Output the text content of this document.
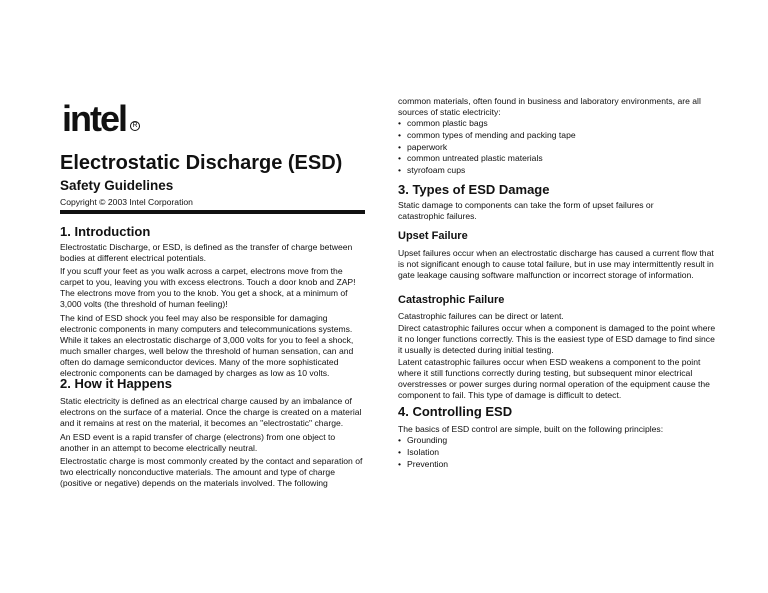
intel R
Electrostatic Discharge (ESD)
Safety Guidelines
Copyright © 2003 Intel Corporation
1. Introduction

Electrostatic Discharge, or ESD, is defined as the transfer of charge between bodies at different electrical potentials.

If you scuff your feet as you walk across a carpet, electrons move from the carpet to you, leaving you with excess electrons. Touch a door knob and ZAP! The electrons move from you to the knob. You get a shock, at a minimum of 3,000 volts (the threshold of human feeling)!

The kind of ESD shock you feel may also be responsible for damaging electronic components in many computers and telecommunications systems. While it takes an electrostatic discharge of 3,000 volts for you to feel a shock, much smaller charges, well below the threshold of human sensation, can and often do damage semiconductor devices. Many of the more sophisticated electronic components can be damaged by charges as low as 10 volts.

2. How it Happens

Static electricity is defined as an electrical charge caused by an imbalance of electrons on the surface of a material. Once the charge is created on a material and it remains at rest on the material, it becomes an "electrostatic" charge.

An ESD event is a rapid transfer of charge (electrons) from one object to another in an attempt to become electrically neutral.

Electrostatic charge is most commonly created by the contact and separation of two electrically nonconductive materials. The amount and type of charge (positive or negative) depends on the materials involved. The following

common materials, often found in business and laboratory environments, are all sources of static electricity:

• common plastic bags
• common types of mending and packing tape
• paperwork
• common untreated plastic materials
• styrofoam cups
3. Types of ESD Damage

Static damage to components can take the form of upset failures or catastrophic failures.

Upset Failure

Upset failures occur when an electrostatic discharge has caused a current flow that is not significant enough to cause total failure, but in use may intermittently result in gate leakage causing software malfunction or incorrect storage of information.

Catastrophic Failure

Catastrophic failures can be direct or latent.

Direct catastrophic failures occur when a component is damaged to the point where it no longer functions correctly. This is the easiest type of ESD damage to find since it usually is detected during initial testing.

Latent catastrophic failures occur when ESD weakens a component to the point where it still functions correctly during testing, but subsequent minor electrical overstresses or power surges during normal operation of the equipment cause the component to fail. This type of damage is difficult to detect.

4. Controlling ESD

The basics of ESD control are simple, built on the following principles:

• Grounding
• Isolation
• Prevention
